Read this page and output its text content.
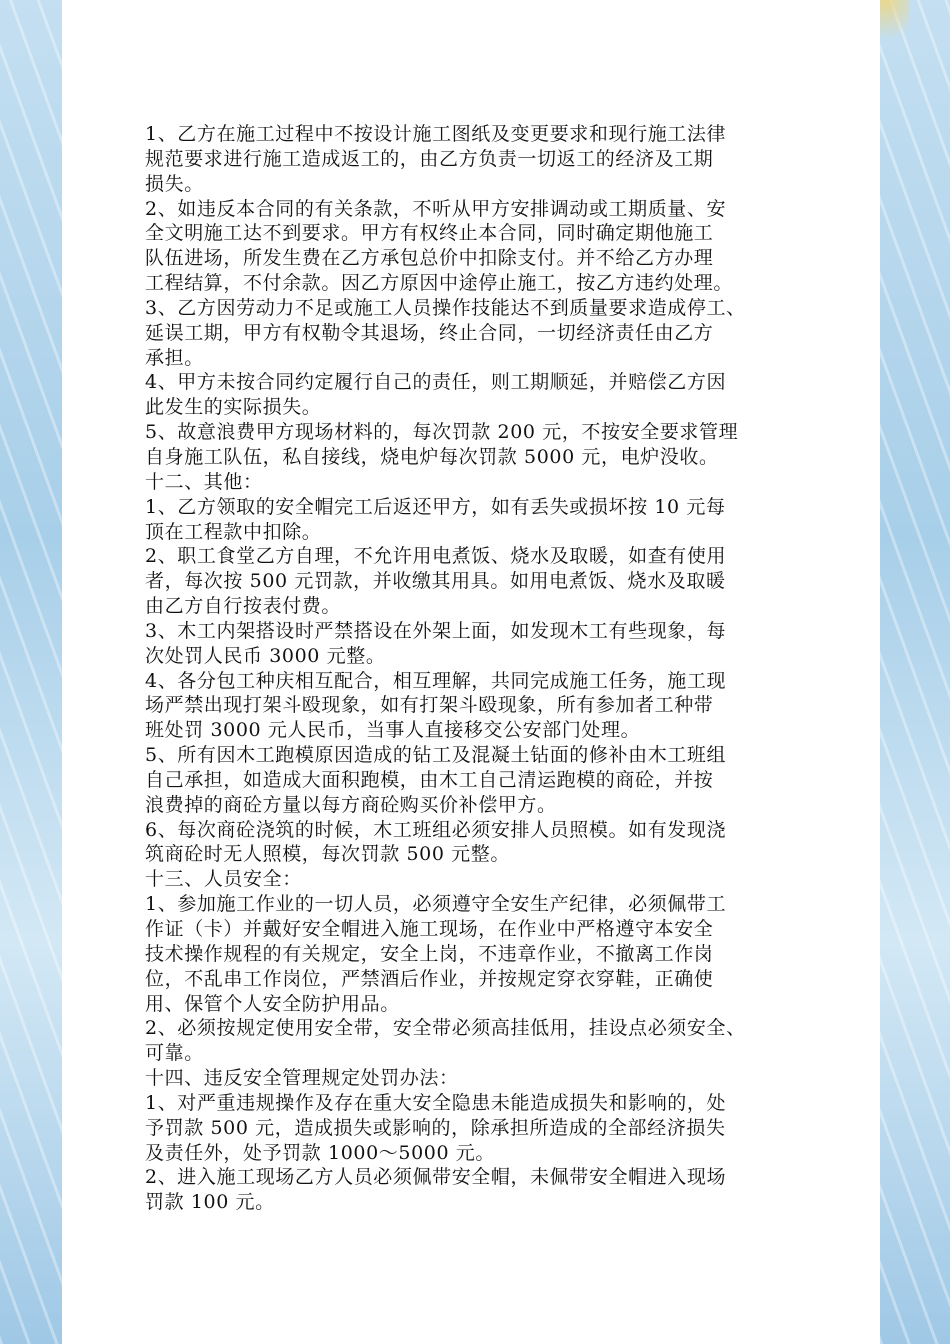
1、乙方在施工过程中不按设计施工图纸及变更要求和现行施工法律
规范要求进行施工造成返工的，由乙方负责一切返工的经济及工期
损失。
2、如违反本合同的有关条款，不听从甲方安排调动或工期质量、安
全文明施工达不到要求。甲方有权终止本合同，同时确定期他施工
队伍进场，所发生费在乙方承包总价中扣除支付。并不给乙方办理
工程结算，不付余款。因乙方原因中途停止施工，按乙方违约处理。
3、乙方因劳动力不足或施工人员操作技能达不到质量要求造成停工、
延误工期，甲方有权勒令其退场，终止合同，一切经济责任由乙方
承担。
4、甲方未按合同约定履行自己的责任，则工期顺延，并赔偿乙方因
此发生的实际损失。
5、故意浪费甲方现场材料的，每次罚款 200 元，不按安全要求管理
自身施工队伍，私自接线，烧电炉每次罚款 5000 元，电炉没收。
十二、其他：
1、乙方领取的安全帽完工后返还甲方，如有丢失或损坏按 10 元每
顶在工程款中扣除。
2、职工食堂乙方自理，不允许用电煮饭、烧水及取暖，如查有使用
者，每次按 500 元罚款，并收缴其用具。如用电煮饭、烧水及取暖
由乙方自行按表付费。
3、木工内架搭设时严禁搭设在外架上面，如发现木工有些现象，每
次处罚人民币 3000 元整。
4、各分包工种庆相互配合，相互理解，共同完成施工任务，施工现
场严禁出现打架斗殴现象，如有打架斗殴现象，所有参加者工种带
班处罚 3000 元人民币，当事人直接移交公安部门处理。
5、所有因木工跑模原因造成的钻工及混凝土钻面的修补由木工班组
自己承担，如造成大面积跑模，由木工自己清运跑模的商砼，并按
浪费掉的商砼方量以每方商砼购买价补偿甲方。
6、每次商砼浇筑的时候，木工班组必须安排人员照模。如有发现浇
筑商砼时无人照模，每次罚款 500 元整。
十三、人员安全：
1、参加施工作业的一切人员，必须遵守全安生产纪律，必须佩带工
作证（卡）并戴好安全帽进入施工现场，在作业中严格遵守本安全
技术操作规程的有关规定，安全上岗，不违章作业，不撤离工作岗
位，不乱串工作岗位，严禁酒后作业，并按规定穿衣穿鞋，正确使
用、保管个人安全防护用品。
2、必须按规定使用安全带，安全带必须高挂低用，挂设点必须安全、
可靠。
十四、违反安全管理规定处罚办法：
1、对严重违规操作及存在重大安全隐患未能造成损失和影响的，处
予罚款 500 元，造成损失或影响的，除承担所造成的全部经济损失
及责任外，处予罚款 1000～5000 元。
2、进入施工现场乙方人员必须佩带安全帽，未佩带安全帽进入现场
罚款 100 元。
